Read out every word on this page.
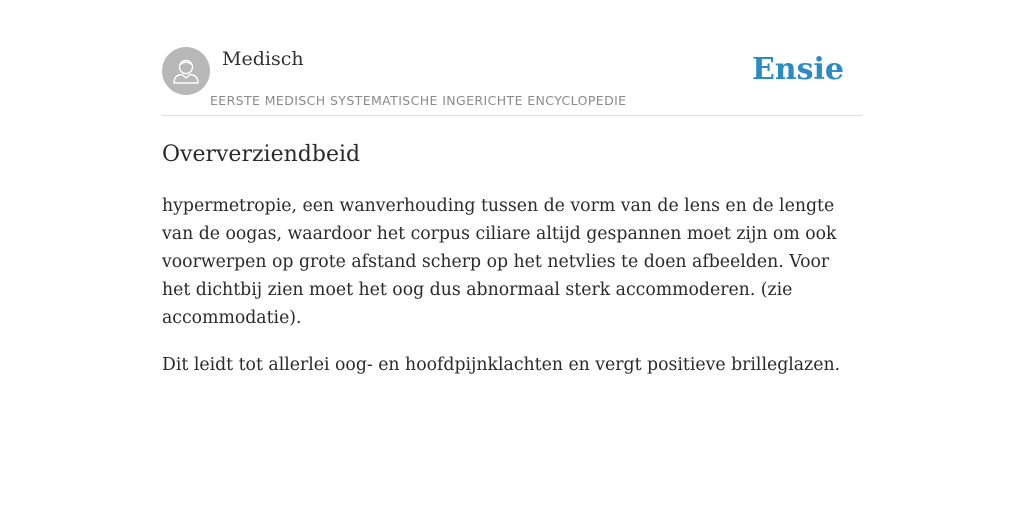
Medisch
EERSTE MEDISCH SYSTEMATISCHE INGERICHTE ENCYCLOPEDIE
Ensie
Oververziendbeid

hypermetropie, een wanverhouding tussen de vorm van de lens en de lengte van de oogas, waardoor het corpus ciliare altijd gespannen moet zijn om ook voorwerpen op grote afstand scherp op het netvlies te doen afbeelden. Voor het dichtbij zien moet het oog dus abnormaal sterk accommoderen. (zie accommodatie).

Dit leidt tot allerlei oog- en hoofdpijnklachten en vergt positieve brilleglazen.
